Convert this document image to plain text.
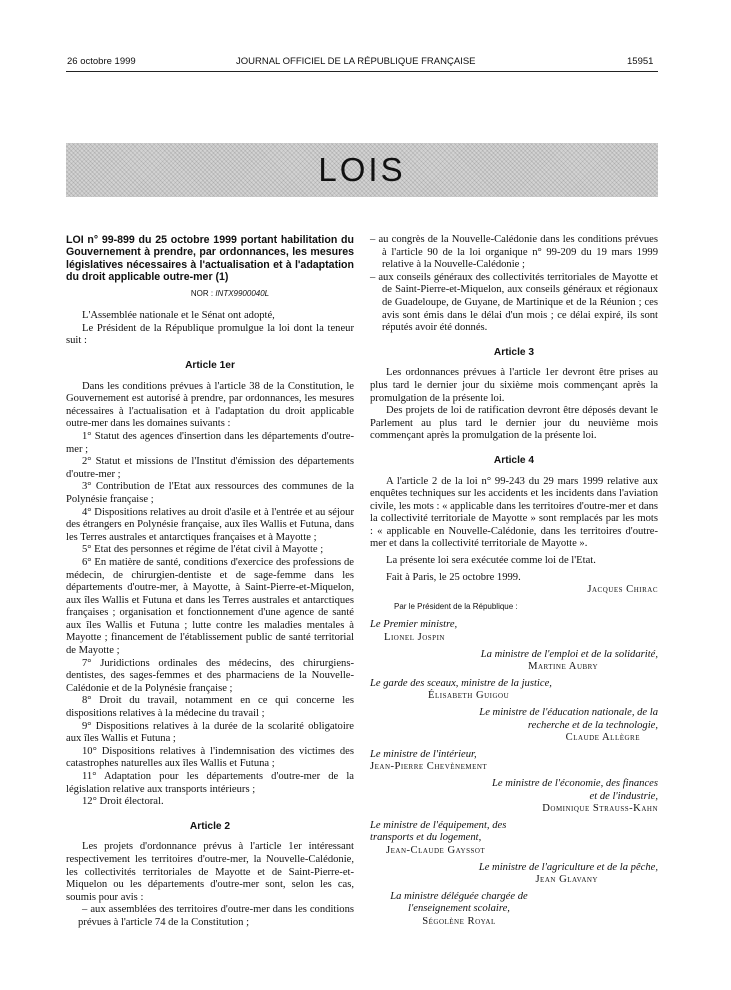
26 octobre 1999	JOURNAL OFFICIEL DE LA RÉPUBLIQUE FRANÇAISE	15951
LOIS

LOI n° 99-899 du 25 octobre 1999 portant habilitation du Gouvernement à prendre, par ordonnances, les mesures législatives nécessaires à l'actualisation et à l'adaptation du droit applicable outre-mer (1)

NOR : INTX9900040L

L'Assemblée nationale et le Sénat ont adopté,

Le Président de la République promulgue la loi dont la teneur suit :

Article 1er

Dans les conditions prévues à l'article 38 de la Constitution, le Gouvernement est autorisé à prendre, par ordonnances, les mesures nécessaires à l'actualisation et à l'adaptation du droit applicable outre-mer dans les domaines suivants :

1° Statut des agences d'insertion dans les départements d'outre-mer ;

2° Statut et missions de l'Institut d'émission des départements d'outre-mer ;

3° Contribution de l'Etat aux ressources des communes de la Polynésie française ;

4° Dispositions relatives au droit d'asile et à l'entrée et au séjour des étrangers en Polynésie française, aux îles Wallis et Futuna, dans les Terres australes et antarctiques françaises et à Mayotte ;

5° Etat des personnes et régime de l'état civil à Mayotte ;

6° En matière de santé, conditions d'exercice des professions de médecin, de chirurgien-dentiste et de sage-femme dans les départements d'outre-mer, à Mayotte, à Saint-Pierre-et-Miquelon, aux îles Wallis et Futuna et dans les Terres australes et antarctiques françaises ; organisation et fonctionnement d'une agence de santé aux îles Wallis et Futuna ; lutte contre les maladies mentales à Mayotte ; financement de l'établissement public de santé territorial de Mayotte ;

7° Juridictions ordinales des médecins, des chirurgiens-dentistes, des sages-femmes et des pharmaciens de la Nouvelle-Calédonie et de la Polynésie française ;

8° Droit du travail, notamment en ce qui concerne les dispositions relatives à la médecine du travail ;

9° Dispositions relatives à la durée de la scolarité obligatoire aux îles Wallis et Futuna ;

10° Dispositions relatives à l'indemnisation des victimes des catastrophes naturelles aux îles Wallis et Futuna ;

11° Adaptation pour les départements d'outre-mer de la législation relative aux transports intérieurs ;

12° Droit électoral.

Article 2

Les projets d'ordonnance prévus à l'article 1er intéressant respectivement les territoires d'outre-mer, la Nouvelle-Calédonie, les collectivités territoriales de Mayotte et de Saint-Pierre-et-Miquelon ou les départements d'outre-mer sont, selon les cas, soumis pour avis :

– aux assemblées des territoires d'outre-mer dans les conditions prévues à l'article 74 de la Constitution ;

– au congrès de la Nouvelle-Calédonie dans les conditions prévues à l'article 90 de la loi organique n° 99-209 du 19 mars 1999 relative à la Nouvelle-Calédonie ;

– aux conseils généraux des collectivités territoriales de Mayotte et de Saint-Pierre-et-Miquelon, aux conseils généraux et régionaux de Guadeloupe, de Guyane, de Martinique et de la Réunion ; ces avis sont émis dans le délai d'un mois ; ce délai expiré, ils sont réputés avoir été donnés.

Article 3

Les ordonnances prévues à l'article 1er devront être prises au plus tard le dernier jour du sixième mois commençant après la promulgation de la présente loi.

Des projets de loi de ratification devront être déposés devant le Parlement au plus tard le dernier jour du neuvième mois commençant après la promulgation de la présente loi.

Article 4

A l'article 2 de la loi n° 99-243 du 29 mars 1999 relative aux enquêtes techniques sur les accidents et les incidents dans l'aviation civile, les mots : « applicable dans les territoires d'outre-mer et dans la collectivité territoriale de Mayotte » sont remplacés par les mots : « applicable en Nouvelle-Calédonie, dans les territoires d'outre-mer et dans la collectivité territoriale de Mayotte ».

La présente loi sera exécutée comme loi de l'Etat.

Fait à Paris, le 25 octobre 1999.

Jacques Chirac

Par le Président de la République :
Le Premier ministre,
Lionel Jospin
La ministre de l'emploi et de la solidarité,
Martine Aubry
Le garde des sceaux, ministre de la justice,
Élisabeth Guigou
Le ministre de l'éducation nationale, de la recherche et de la technologie,
Claude Allègre
Le ministre de l'intérieur,
Jean-Pierre Chevènement
Le ministre de l'économie, des finances et de l'industrie,
Dominique Strauss-Kahn
Le ministre de l'équipement, des transports et du logement,
Jean-Claude Gayssot
Le ministre de l'agriculture et de la pêche,
Jean Glavany
La ministre déléguée chargée de l'enseignement scolaire,
Ségolène Royal
